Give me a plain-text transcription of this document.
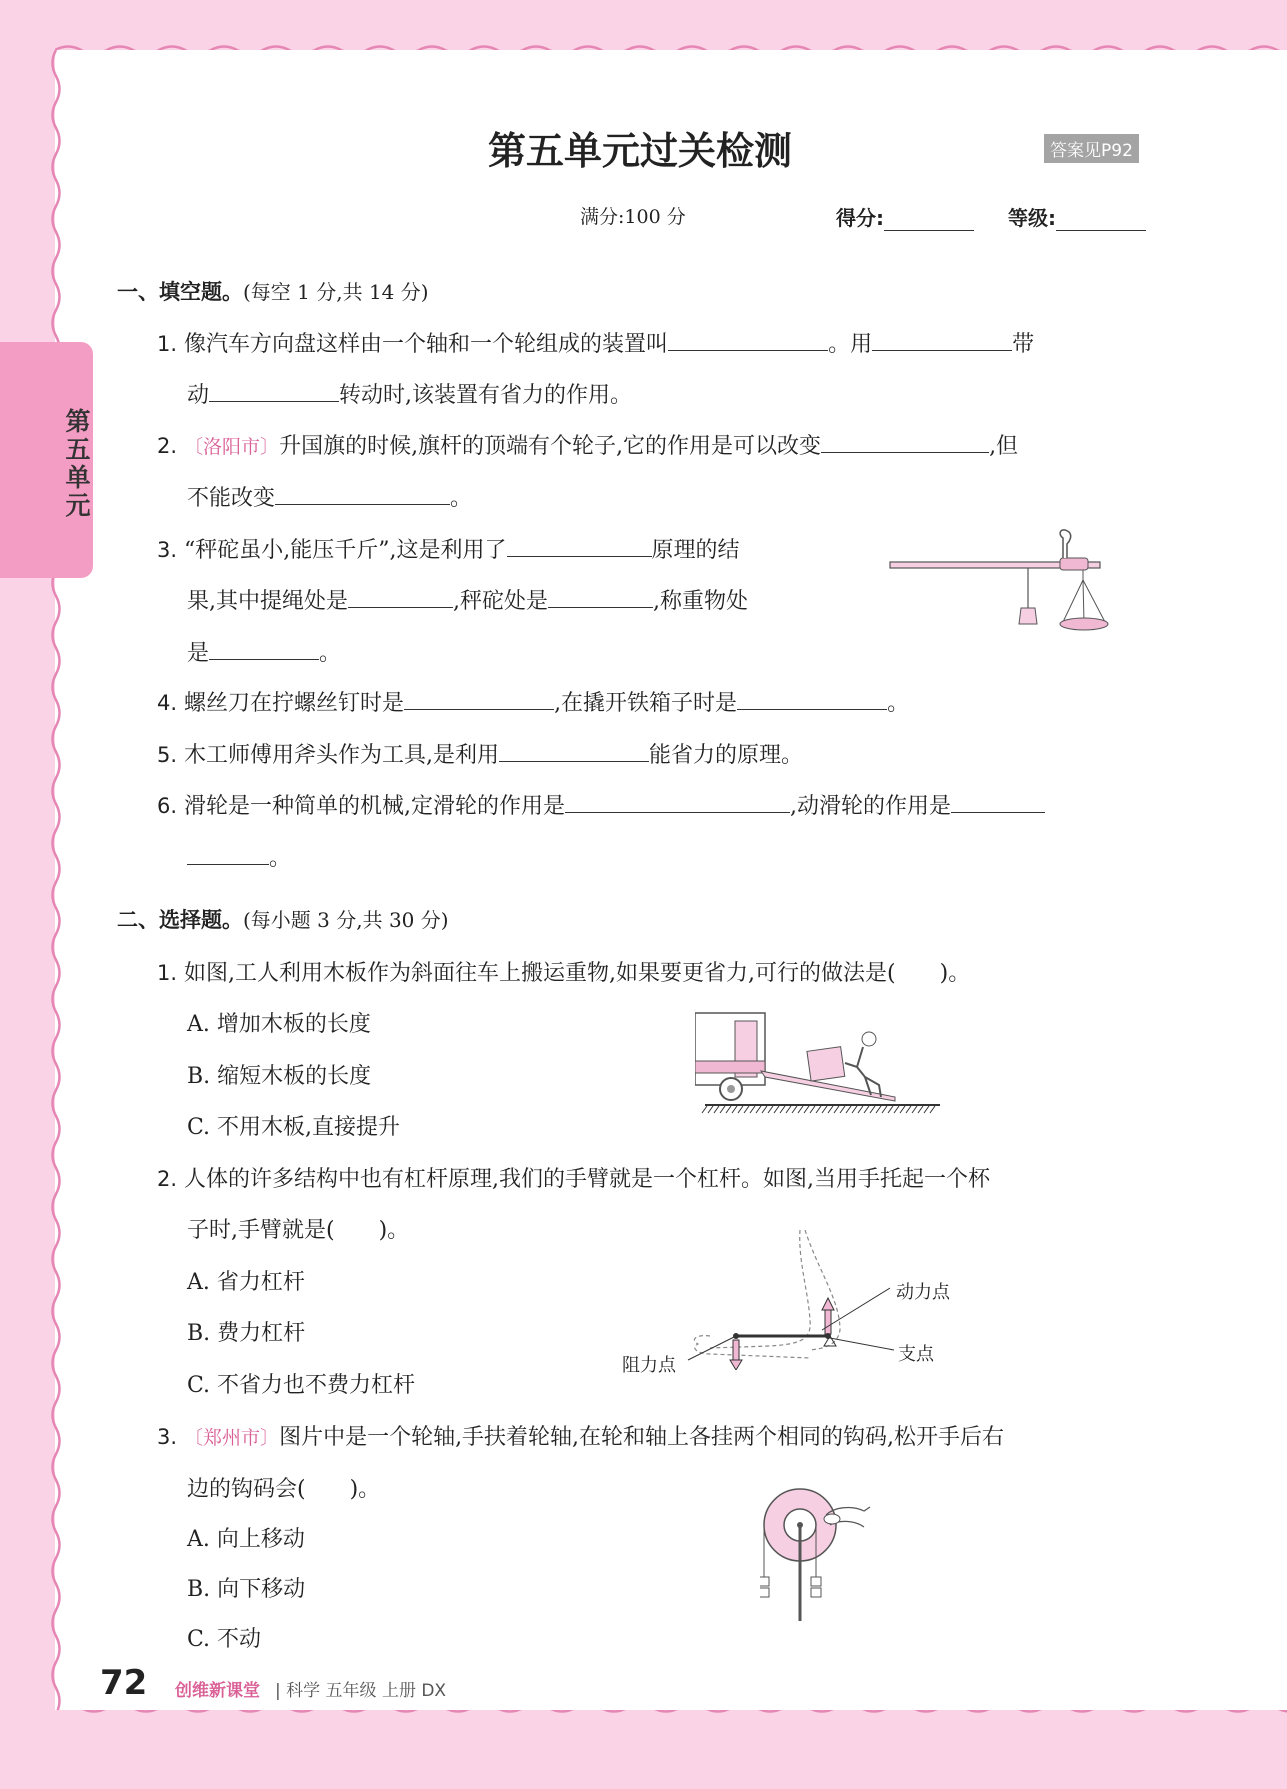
第五单元
第五单元过关检测	答案见P92
满分:100 分	得分:	等级:
一、填空题。(每空 1 分,共 14 分)
1. 像汽车方向盘这样由一个轴和一个轮组成的装置叫	。用	带
动	转动时,该装置有省力的作用。
2. 〔洛阳市〕升国旗的时候,旗杆的顶端有个轮子,它的作用是可以改变	,但
不能改变	。
3. “秤砣虽小,能压千斤”,这是利用了	原理的结
果,其中提绳处是	,秤砣处是	,称重物处
是	。
4. 螺丝刀在拧螺丝钉时是	,在撬开铁箱子时是	。
5. 木工师傅用斧头作为工具,是利用	能省力的原理。
6. 滑轮是一种简单的机械,定滑轮的作用是	,动滑轮的作用是
。
二、选择题。(每小题 3 分,共 30 分)
1. 如图,工人利用木板作为斜面往车上搬运重物,如果要更省力,可行的做法是( )。
A. 增加木板的长度
B. 缩短木板的长度
C. 不用木板,直接提升
2. 人体的许多结构中也有杠杆原理,我们的手臂就是一个杠杆。如图,当用手托起一个杯
子时,手臂就是( )。
A. 省力杠杆
B. 费力杠杆
C. 不省力也不费力杠杆
动力点
支点
阻力点
3. 〔郑州市〕图片中是一个轮轴,手扶着轮轴,在轮和轴上各挂两个相同的钩码,松开手后右
边的钩码会( )。
A. 向上移动
B. 向下移动
C. 不动
72 创维新课堂 | 科学 五年级 上册 DX
